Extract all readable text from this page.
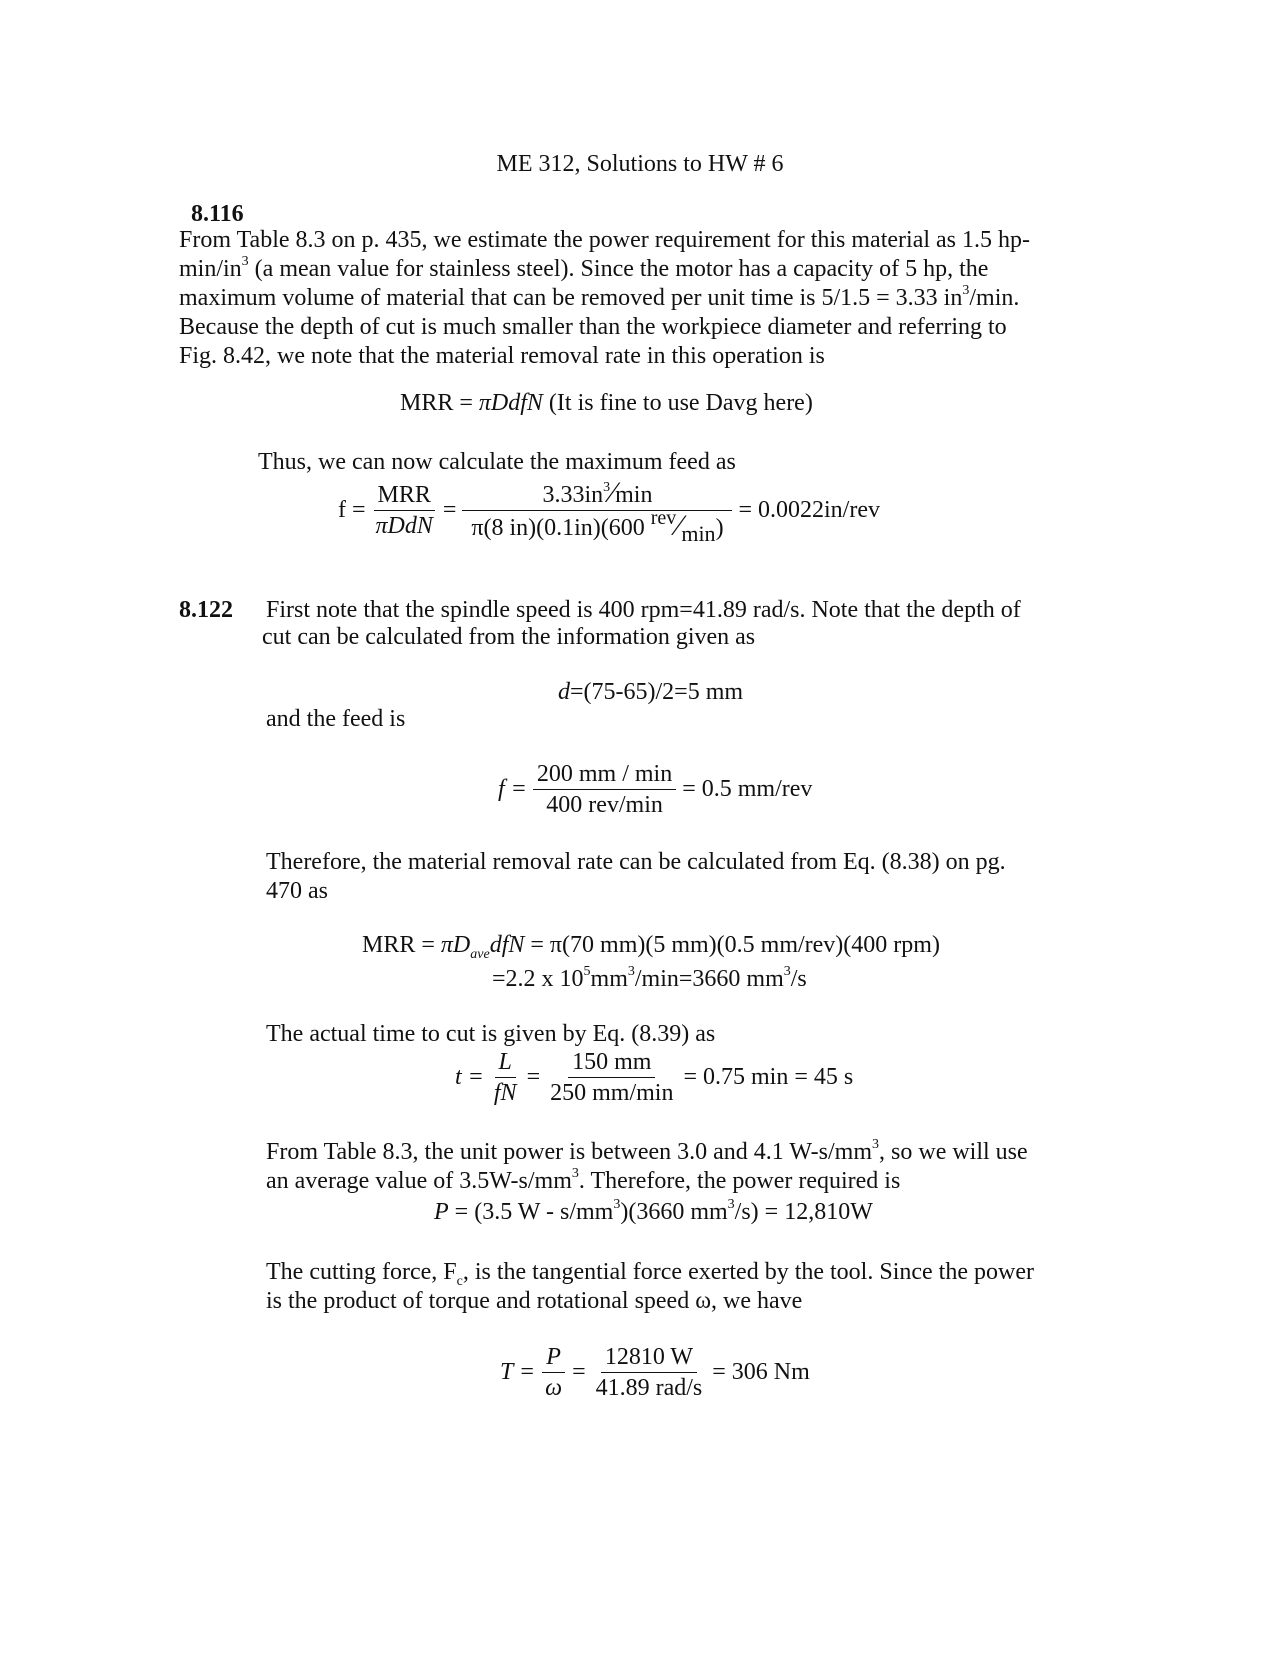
ME 312, Solutions to HW # 6
8.116
From Table 8.3 on p. 435, we estimate the power requirement for this material as 1.5 hp-
$\min/in^3$ (a mean value for stainless steel). Since the motor has a capacity of 5 hp, the
maximum volume of material that can be removed per unit time is 5/1.5 = 3.33 $in^3/\min$.
Because the depth of cut is much smaller than the workpiece diameter and referring to
Fig. 8.42, we note that the material removal rate in this operation is
MRR = πDdfN (It is fine to use Davg here)
Thus, we can now calculate the maximum feed as
$f = \frac{\text{MRR}}{\text{πDdN}} = \frac{3.33in^3⁄\min}{\pi(8 in)(0.1in)(600 ^{rev}⁄_{min})} = 0.0022in/rev$
8.122 First note that the spindle speed is 400 rpm=41.89 rad/s. Note that the depth of
cut can be calculated from the information given as
d=(75-65)/2=5 mm
and the feed is
$f = \frac{200 mm / \min}{\text{400 rev/min}} = 0.5$ mm/rev
Therefore, the material removal rate can be calculated from Eq. (8.38) on pg.
470 as
MRR = $\pi D_{ave}dfN = \pi(70$ mm)(5 mm)(0.5 mm/rev)(400 rpm)
=2.2 x $10^5mm^3/\min=3660$ $mm^3/s$
The actual time to cut is given by Eq. (8.39) as
$t = \frac{L}{fN} = \frac{150 mm}{250 mm/\min} = 0.75$ min = 45 s
From Table 8.3, the unit power is between 3.0 and 4.1 $W-s/mm^3$, so we will use
an average value of $3.5W-s/mm^3$. Therefore, the power required is
P = (3.5 W - $s/mm^3)(3660$ $mm^3/s) = 12,810W$
The cutting force, $F_c$, is the tangential force exerted by the tool. Since the power
is the product of torque and rotational speed ω, we have
$T = \frac{P}{\omega} = \frac{12810 W}{\text{41.89 rad/s}} = 306$ Nm
